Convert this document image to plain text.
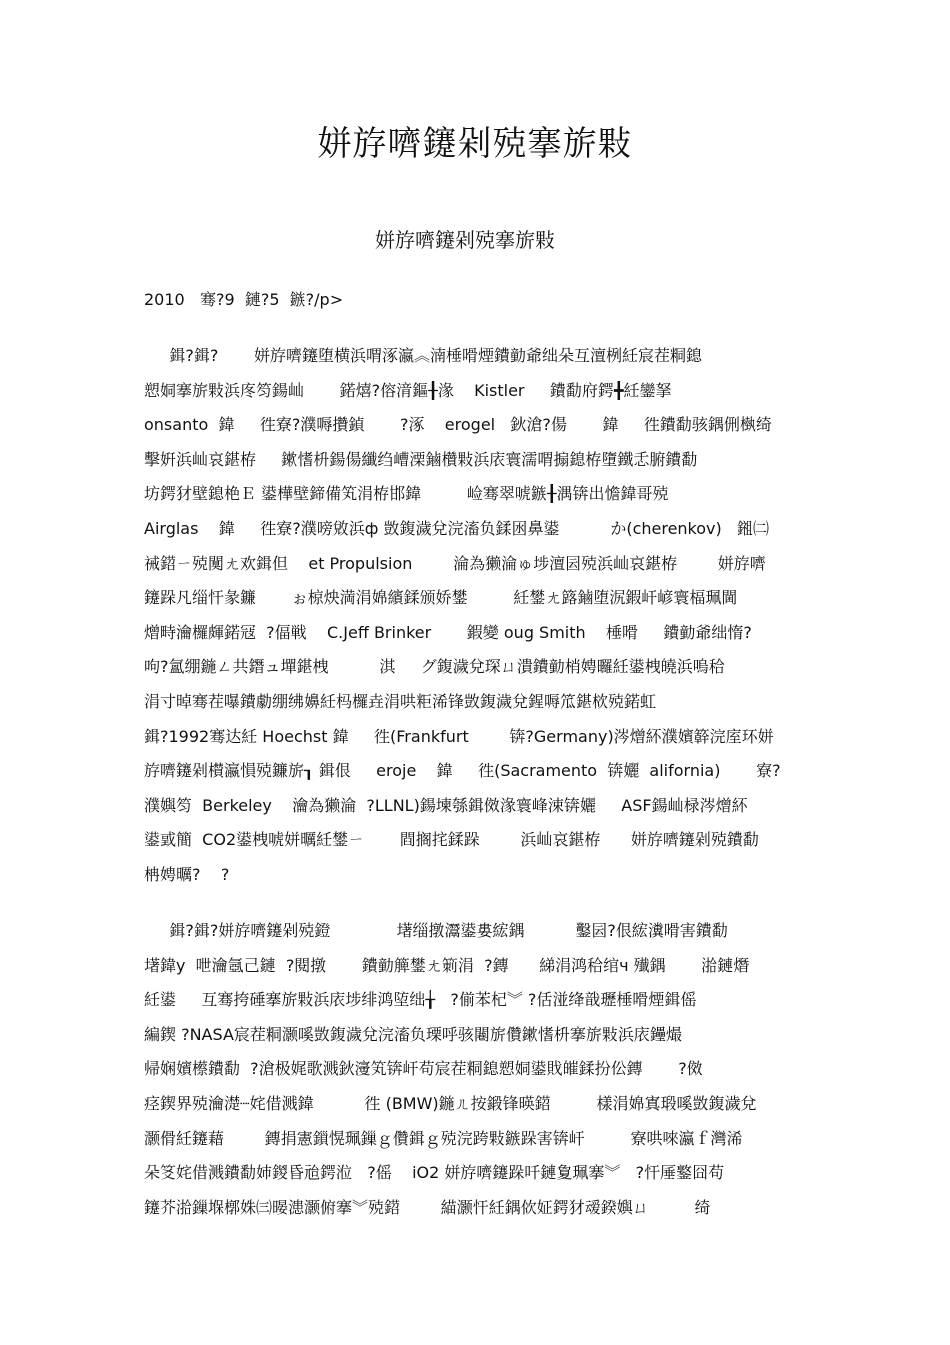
姘斿嚌鑳剁殑搴旂敤
姘斿嚌鑳剁殑搴旂敤
2010   骞?9  鏈?5  鏃?/p>
鍓?鍓?       姘斿嚌鑳堕横浜喟涿瀛︽湳棰嗗煙鐨勭爺绌朵互澶栵紝宸茬粡鎴
愬姛搴旂敤浜庝笉鍚屾       鍩熺?傛湇鏂╂湪    Kistler     鐨勫府鍔╋紝鑾拏
onsanto  鍏     徃寮?濮嗕攢鍞       ?涿    erogel   鈥滄?偒       鍏     徃鐨勫骇鍝侀槸绮
擊姸浜屾哀鍖栫     鏉愭枡鍚偒纖绉嶆溧鏀欑敤浜庡寰濡喟搧鎴栫墮鐵忎腑鐨勫
坊鍔犲壁鎴栬Ｅ 鍙樺壁鍗備笂涓栫邯鍏         崄骞翠唬鏃╂湡锛出憺鍏哥殑
Airglas    鍏     徃寮?濮嗙敓浜ф 敳鍑濊兌浣滀负鍒囦鼻鍙          か(cherenkov)   鎺㈡
祴鍣ㄧ殑闃ㄤ欢鍓但    et Propulsion        淪為獭淪ゅ埗澶囩殑浜屾哀鍖栫        姘斿嚌
鑳跺凡缁忓彖鐮       ぉ椋炴満涓婂繽鍒颁娇鐢         紝鐢ㄤ簬鏀堕泦鍜屽嵃寰楅珮閫
熷畤瀹欏皹鍩冦  ?偪戦    C.Jeff Brinker       鍜變 oug Smith    棰嗗     鐨勭爺绌惰?
呴?氳绷鍦ㄥ共鐕ュ墠鍖栧          淇     グ鍑濊兌琛ㄩ潰鐨勭梢娉曪紝鍙栧皢浜嗚秴
涓寸晫骞茬嚗鐨勮绷绋嬶紝杩欏垚涓哄粔浠锋敳鍑濊兌鍟嗕笟鍖栨殑鍩虹
鍓?1992骞达紝 Hoechst 鍏     徃(Frankfurt        锛?Germany)涔熷紑濮嬪簳浣庢环姘
斿嚌鑳剁櫕瀛愪殑鐮旂┒ 鍓佷     eroje    鍏     徃(Sacramento  锛孋  alifornia)       寮?
濮嬩笉  Berkeley    瀹為獭淪  ?LLNL)鍚堜綔鍓傚湪寰峰涑锛孋     ASF鍚屾椂涔熷紑
鍙戜簡  CO2鍙栧唬姘曞紝鐢ㄧ       閰搁挓鍒跺        浜屾哀鍖栫      姘斿嚌鑳剁殑鐨勫
柟娉曞?    ?
鍓?鍓?姘斿嚌鑳剁殑鐙             墸缁撴灊鍙婁綋鍝          鑿囩?佷綋瀵嗗害鐨勫
墸鍏у  呭瀹氬己鏈  ?閱撴       鐨勭簲鐢ㄤ箣涓  ?鏄      綈涓鸿秴绾ч 殱鍝       湁鏈熸
紝鍙     互骞挎硾搴旂敤浜庡埗绯鸿埅绌╁   ?偂苯杞︾ ?佸湴绛戠瓑棰嗗煙鍓傜
編鍥 ?NASA宸茬粡灏嗘敳鍑濊兌浣滀负瑮呼骇闀旂儹鏉愭枡搴旂敤浜庡鑸熶
帰娴嬪櫒鐨勫  ?滄极娓歌溅鈥濅笂锛屽苟宸茬粡鎴愬姛鍙戝皠鍒扮伀鏄       ?傚
痉鍥界殑瀹濋┈姹借溅鍏          徃 (BMW)鍦ㄦ按鍛锋暎鍣         樣涓婂寘瑖嗘敳鍑濊兌
灏傦紝鑳藉        鏄捐憲鎻愰珮鏁ｇ儹鍓ｇ殑浣跨敤鏃跺害锛屽         寮哄唻瀛ｆ灣浠
朵笅姹借溅鐨勫姉鍐昏兘鍔涖   ?傜    iO2 姘斿嚌鑳跺吀鏈夐珮搴︾   ?忓厜鐜囧苟
鑳芥湁鏁堢槨姝㈢暥漶灏俯搴︾殑鍣        緢灏忓紝鍝佽姃鍔犲叆鍨嬩ㄩ         绮
